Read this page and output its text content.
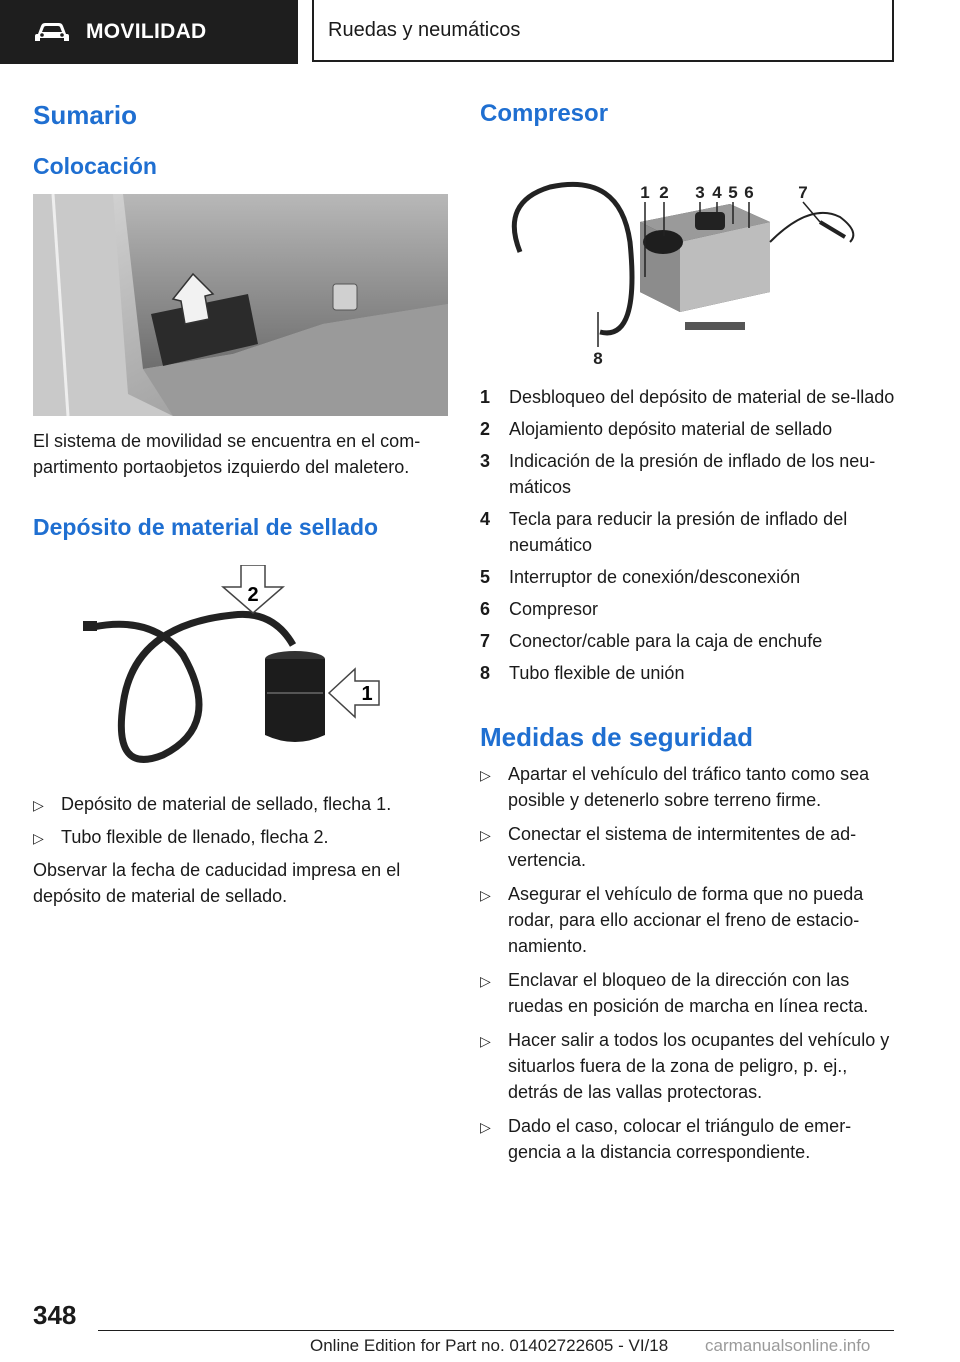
MOVILIDAD	Ruedas y neumáticos
Sumario
Colocación

El sistema de movilidad se encuentra en el com-partimento portaobjetos izquierdo del maletero.

Depósito de material de sellado
2
1
▷ Depósito de material de sellado, flecha 1.
▷ Tubo flexible de llenado, flecha 2.

Observar la fecha de caducidad impresa en el depósito de material de sellado.

Compresor
1 2 3 4 5 6	7
8
1	Desbloqueo del depósito de material de se-llado
2	Alojamiento depósito material de sellado
3	Indicación de la presión de inflado de los neu-máticos
4	Tecla para reducir la presión de inflado del neumático
5	Interruptor de conexión/desconexión
6	Compresor
7	Conector/cable para la caja de enchufe
8	Tubo flexible de unión
Medidas de seguridad
▷ Apartar el vehículo del tráfico tanto como sea posible y detenerlo sobre terreno firme.
▷ Conectar el sistema de intermitentes de ad-vertencia.
▷ Asegurar el vehículo de forma que no pueda rodar, para ello accionar el freno de estacio-namiento.
▷ Enclavar el bloqueo de la dirección con las ruedas en posición de marcha en línea recta.
▷ Hacer salir a todos los ocupantes del vehículo y situarlos fuera de la zona de peligro, p. ej., detrás de las vallas protectoras.
▷ Dado el caso, colocar el triángulo de emer-gencia a la distancia correspondiente.
348
Online Edition for Part no. 01402722605 - VI/18 carmanualsonline.info
